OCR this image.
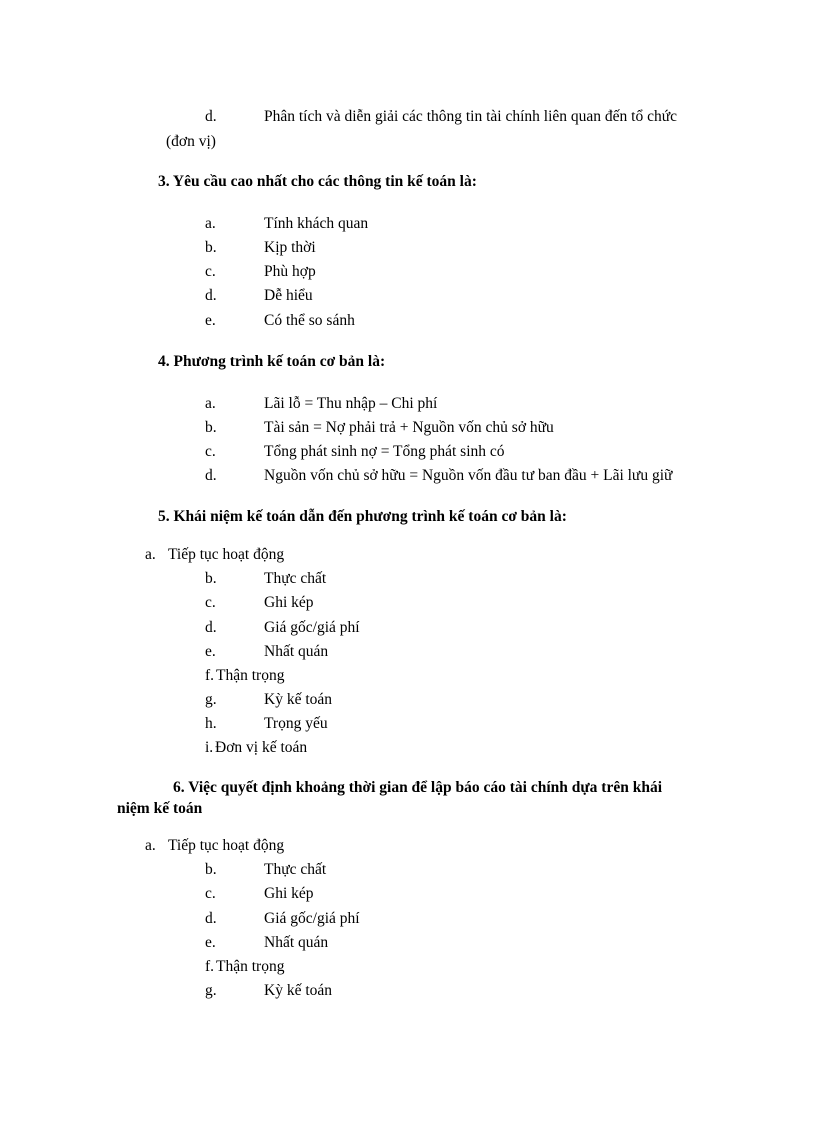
d.	Phân tích và diễn giải các thông tin tài chính liên quan đến tổ chức
(đơn vị)
3. Yêu cầu cao nhất cho các thông tin kế toán là:
a.	Tính khách quan
b.	Kịp thời
c.	Phù hợp
d.	Dễ hiểu
e.	Có thể so sánh
4. Phương trình kế toán cơ bản là:
a.	Lãi lỗ = Thu nhập – Chi phí
b.	Tài sản = Nợ phải trả + Nguồn vốn chủ sở hữu
c.	Tổng phát sinh nợ = Tổng phát sinh có
d.	Nguồn vốn chủ sở hữu = Nguồn vốn đầu tư ban đầu + Lãi lưu giữ
5. Khái niệm kế toán dẫn đến phương trình kế toán cơ bản là:
a. Tiếp tục hoạt động
b.	Thực chất
c.	Ghi kép
d.	Giá gốc/giá phí
e.	Nhất quán
f. Thận trọng
g.	Kỳ kế toán
h.	Trọng yếu
i. Đơn vị kế toán
6. Việc quyết định khoảng thời gian để lập báo cáo tài chính dựa trên khái
niệm kế toán
a. Tiếp tục hoạt động
b.	Thực chất
c.	Ghi kép
d.	Giá gốc/giá phí
e.	Nhất quán
f. Thận trọng
g.	Kỳ kế toán
